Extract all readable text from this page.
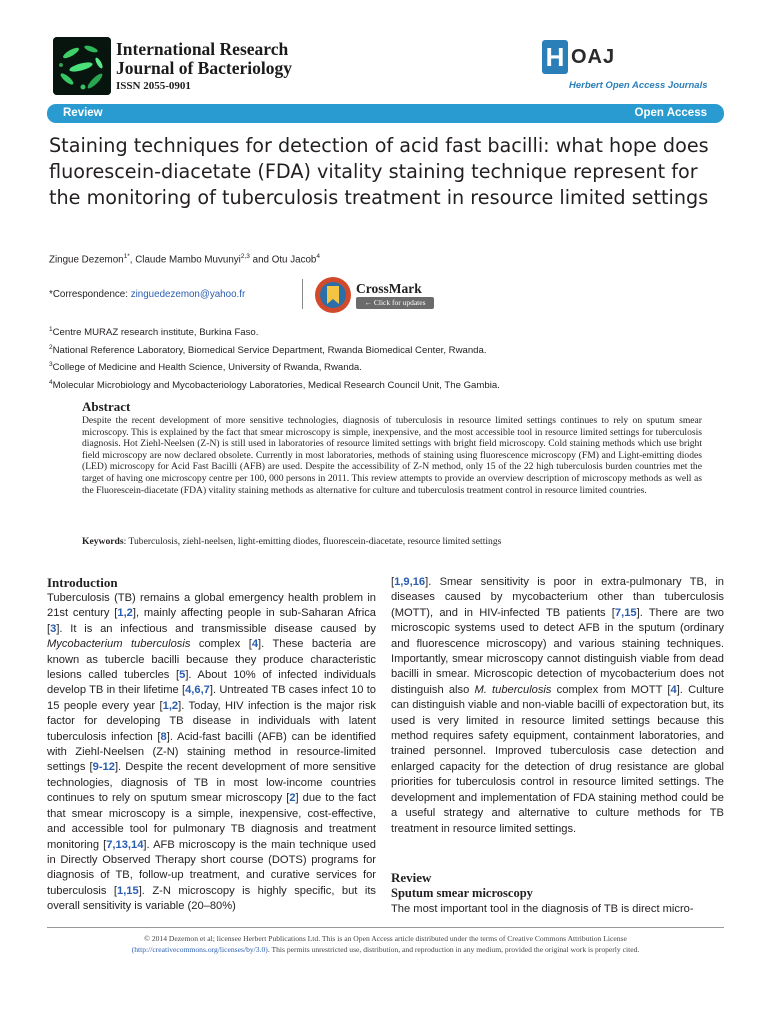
International Research
Journal of Bacteriology
ISSN 2055-0901
H OAJ
Herbert Open Access Journals
Review	Open Access
Staining techniques for detection of acid fast bacilli: what hope does fluorescein-diacetate (FDA) vitality staining technique represent for the monitoring of tuberculosis treatment in resource limited settings
Zingue Dezemon$^{1*}$, Claude Mambo Muvunyi$^{2,3}$ and Otu Jacob$^4$
*Correspondence: zinguedezemon@yahoo.fr	CrossMark
← Click for updates
$^1$Centre MURAZ research institute, Burkina Faso.
$^2$National Reference Laboratory, Biomedical Service Department, Rwanda Biomedical Center, Rwanda.
$^3$College of Medicine and Health Science, University of Rwanda, Rwanda.
$^4$Molecular Microbiology and Mycobacteriology Laboratories, Medical Research Council Unit, The Gambia.
Abstract
Despite the recent development of more sensitive technologies, diagnosis of tuberculosis in resource limited settings continues to rely on sputum smear microscopy. This is explained by the fact that smear microscopy is simple, inexpensive, and the most accessible tool in resource limited settings for tuberculosis diagnosis. Hot Ziehl-Neelsen (Z-N) is still used in laboratories of resource limited settings with bright field microscopy. Cold staining methods which use bright field microscopy are now declared obsolete. Currently in most laboratories, methods of staining using fluorescence microscopy (FM) and Light-emitting diodes (LED) microscopy for Acid Fast Bacilli (AFB) are used. Despite the accessibility of Z-N method, only 15 of the 22 high tuberculosis burden countries met the target of having one microscopy centre per 100, 000 persons in 2011. This review attempts to provide an overview description of microscopy methods as well as the Fluorescein-diacetate (FDA) vitality staining methods as alternative for culture and tuberculosis treatment control in resource limited countries.
Keywords: Tuberculosis, ziehl-neelsen, light-emitting diodes, fluorescein-diacetate, resource limited settings
Introduction
Tuberculosis (TB) remains a global emergency health problem in 21st century [1,2], mainly affecting people in sub-Saharan Africa [3]. It is an infectious and transmissible disease caused by Mycobacterium tuberculosis complex [4]. These bacteria are known as tubercle bacilli because they produce characteristic lesions called tubercles [5]. About 10% of infected individuals develop TB in their lifetime [4,6,7]. Untreated TB cases infect 10 to 15 people every year [1,2]. Today, HIV infection is the major risk factor for developing TB disease in individuals with latent tuberculosis infection [8]. Acid-fast bacilli (AFB) can be identified with Ziehl-Neelsen (Z-N) staining method in resource-limited settings [9-12]. Despite the recent development of more sensitive technologies, diagnosis of TB in most low-income countries continues to rely on sputum smear microscopy [2] due to the fact that smear microscopy is a simple, inexpensive, cost-effective, and accessible tool for pulmonary TB diagnosis and treatment monitoring [7,13,14]. AFB microscopy is the main technique used in Directly Observed Therapy short course (DOTS) programs for diagnosis of TB, follow-up treatment, and curative services for tuberculosis [1,15]. Z-N microscopy is highly specific, but its overall sensitivity is variable (20–80%)
[1,9,16]. Smear sensitivity is poor in extra-pulmonary TB, in diseases caused by mycobacterium other than tuberculosis (MOTT), and in HIV-infected TB patients [7,15]. There are two microscopic systems used to detect AFB in the sputum (ordinary and fluorescence microscopy) and various staining techniques. Importantly, smear microscopy cannot distinguish viable from dead bacilli in smear. Microscopic detection of mycobacterium does not distinguish also M. tuberculosis complex from MOTT [4]. Culture can distinguish viable and non-viable bacilli of expectoration but, its used is very limited in resource limited settings because this method requires safety equipment, containment laboratories, and trained personnel. Improved tuberculosis case detection and enlarged capacity for the detection of drug resistance are global priorities for tuberculosis control in resource limited settings. The development and implementation of FDA staining method could be a useful strategy and alternative to culture methods for TB treatment in resource limited settings.
Review
Sputum smear microscopy
The most important tool in the diagnosis of TB is direct micro-
© 2014 Dezemon et al; licensee Herbert Publications Ltd. This is an Open Access article distributed under the terms of Creative Commons Attribution License
(http://creativecommons.org/licenses/by/3.0). This permits unrestricted use, distribution, and reproduction in any medium, provided the original work is properly cited.
